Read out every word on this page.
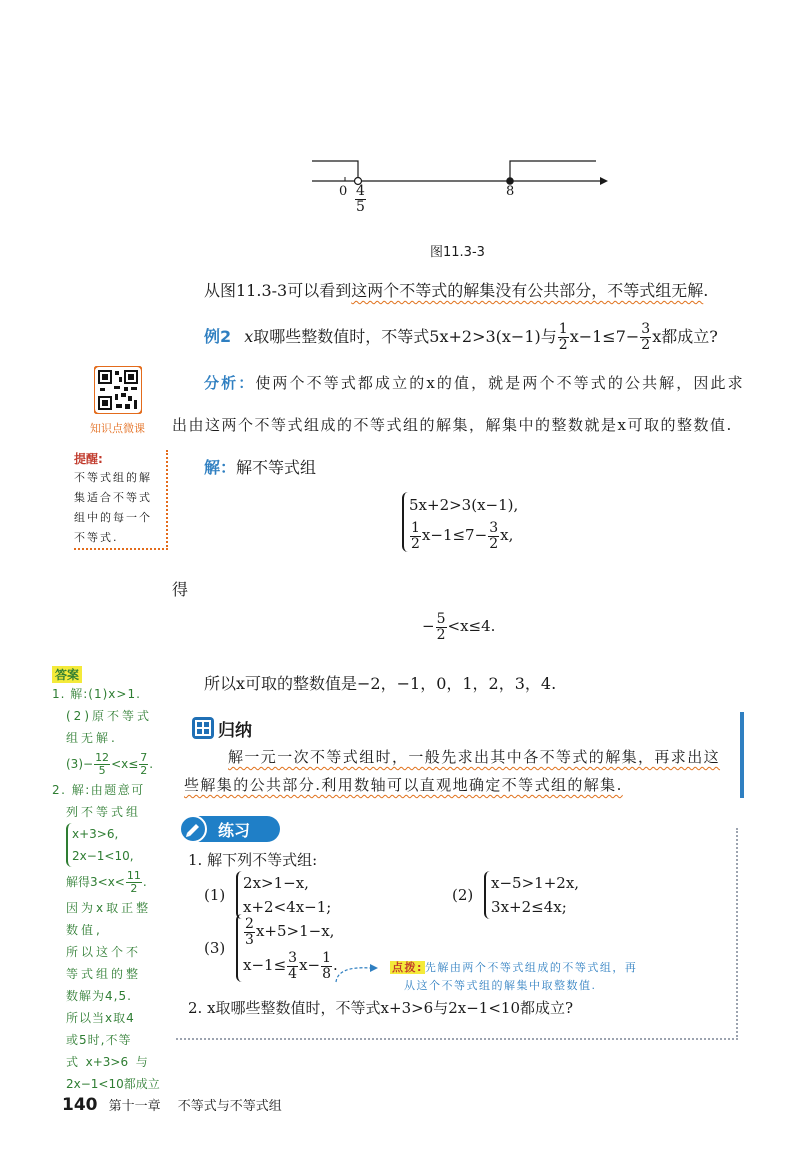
$0 \frac{4}{5}$	8
图11.3-3
从图11.3-3可以看到这两个不等式的解集没有公共部分，不等式组无解.
例2 x取哪些整数值时，不等式5x+2>3(x−1)与 $\frac{1}{2} x-1\le 7- \frac{3}{2}$ x都成立?
知识点微课
分析：使两个不等式都成立的x的值，就是两个不等式的公共解，因此求
出由这两个不等式组成的不等式组的解集，解集中的整数就是x可取的整数值.
提醒:
不等式组的解
集适合不等式
组中的每一个
不等式.
解：解不等式组
5x+2>3(x−1),
$\frac{1}{2} x-1\le 7- \frac{3}{2} x$,
得
− $\frac{5}{2} <x\le 4$.
所以x可取的整数值是−2，−1，0，1，2，3，4.
答案
1. 解:(1)x>1.
(2)原不等式
组无解.
$(3)- \frac{12}{5} <x\le \frac{7}{2}$ .
2. 解:由题意可
列不等式组
x+3>6,
2x−1<10,
解得$3<x< \frac{11}{2}$ .
因为x取正整
数值,
所以这个不
等式组的整
数解为4,5.
所以当x取4
或5时,不等
式  x+3>6  与
2x−1<10都成立
归纳
解一元一次不等式组时，一般先求出其中各不等式的解集，再求出这
些解集的公共部分.利用数轴可以直观地确定不等式组的解集.
练习
1. 解下列不等式组:
(1)
2x>1−x,
x+2<4x−1;
(2)
x−5>1+2x,
3x+2≤4x;
(3)
$\frac{2}{3} x+5>1-x$,
$x-1\le \frac{3}{4} x- \frac{1}{8}$ .	点拨: 先解由两个不等式组成的不等式组，再
从这个不等式组的解集中取整数值.
2. x取哪些整数值时，不等式x+3>6与2x−1<10都成立?
140 第十一章 不等式与不等式组
